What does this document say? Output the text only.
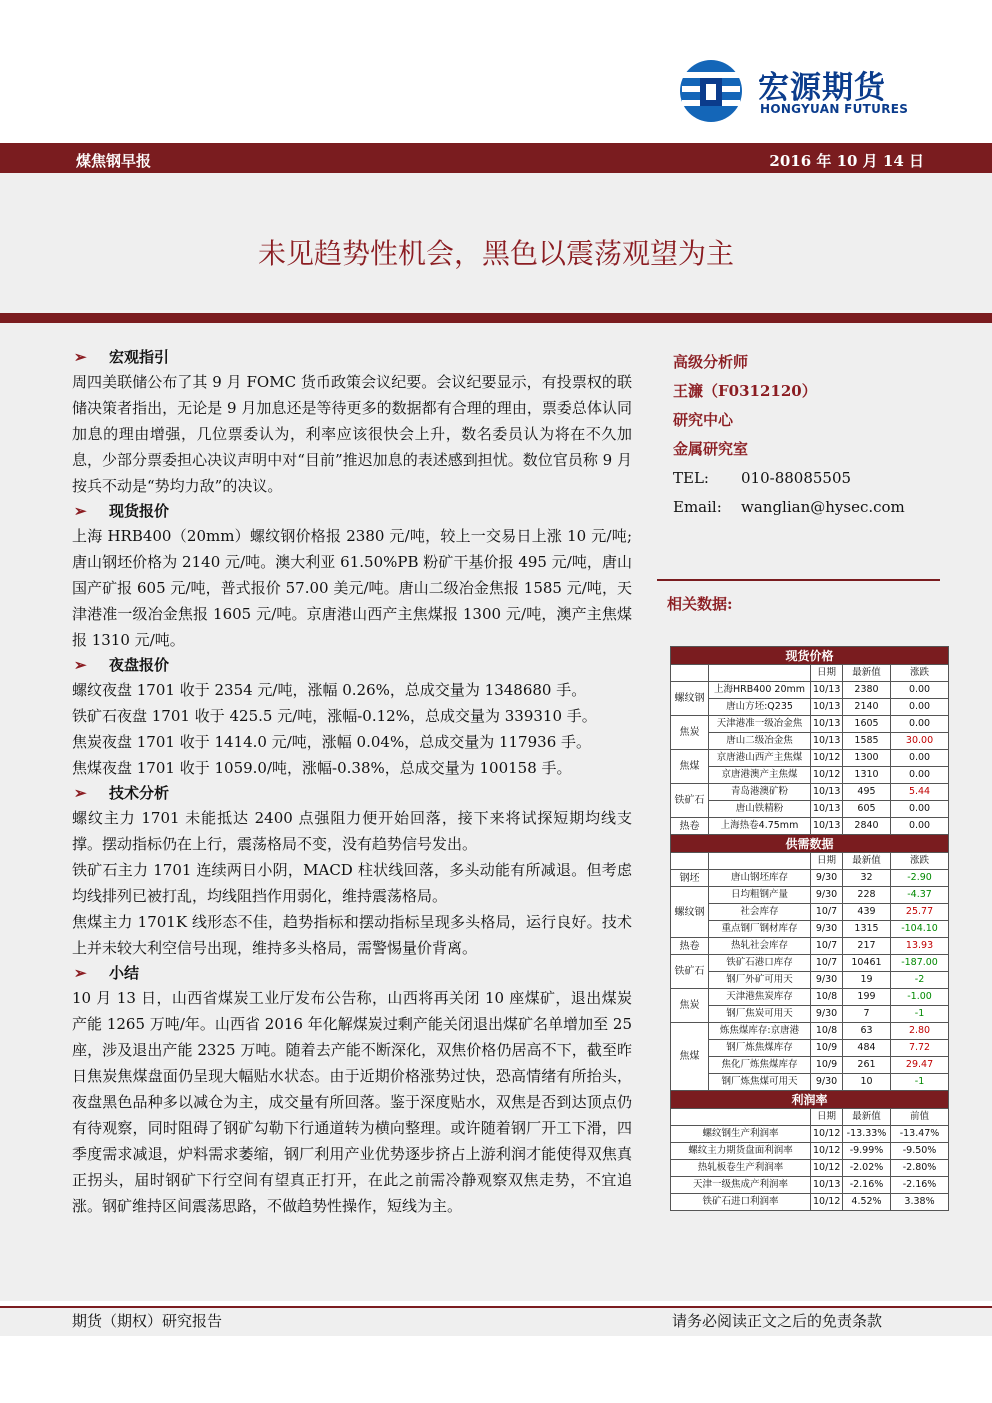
宏源期货
HONGYUAN FUTURES
煤焦钢早报	2016 年 10 月 14 日
未见趋势性机会，黑色以震荡观望为主
➢ 宏观指引

周四美联储公布了其 9 月 FOMC 货币政策会议纪要。会议纪要显示，有投票权的联储决策者指出，无论是 9 月加息还是等待更多的数据都有合理的理由，票委总体认同加息的理由增强，几位票委认为，利率应该很快会上升，数名委员认为将在不久加息，少部分票委担心决议声明中对“目前”推迟加息的表述感到担忧。数位官员称 9 月按兵不动是“势均力敌”的决议。

➢ 现货报价

上海 HRB400（20mm）螺纹钢价格报 2380 元/吨，较上一交易日上涨 10 元/吨; 唐山钢坯价格为 2140 元/吨。澳大利亚 61.50%PB 粉矿干基价报 495 元/吨，唐山国产矿报 605 元/吨，普式报价 57.00 美元/吨。唐山二级冶金焦报 1585 元/吨，天津港准一级冶金焦报 1605 元/吨。京唐港山西产主焦煤报 1300 元/吨，澳产主焦煤报 1310 元/吨。

➢ 夜盘报价

螺纹夜盘 1701 收于 2354 元/吨，涨幅 0.26%，总成交量为 1348680 手。

铁矿石夜盘 1701 收于 425.5 元/吨，涨幅-0.12%，总成交量为 339310 手。

焦炭夜盘 1701 收于 1414.0 元/吨，涨幅 0.04%，总成交量为 117936 手。

焦煤夜盘 1701 收于 1059.0/吨，涨幅-0.38%，总成交量为 100158 手。

➢ 技术分析

螺纹主力 1701 未能抵达 2400 点强阻力便开始回落，接下来将试探短期均线支撑。摆动指标仍在上行，震荡格局不变，没有趋势信号发出。

铁矿石主力 1701 连续两日小阴，MACD 柱状线回落，多头动能有所减退。但考虑均线排列已被打乱，均线阻挡作用弱化，维持震荡格局。

焦煤主力 1701K 线形态不佳，趋势指标和摆动指标呈现多头格局，运行良好。技术上并未较大利空信号出现，维持多头格局，需警惕量价背离。

➢ 小结

10 月 13 日，山西省煤炭工业厅发布公告称，山西将再关闭 10 座煤矿，退出煤炭产能 1265 万吨/年。山西省 2016 年化解煤炭过剩产能关闭退出煤矿名单增加至 25 座，涉及退出产能 2325 万吨。随着去产能不断深化，双焦价格仍居高不下，截至昨日焦炭焦煤盘面仍呈现大幅贴水状态。由于近期价格涨势过快，恐高情绪有所抬头，夜盘黑色品种多以减仓为主，成交量有所回落。鉴于深度贴水，双焦是否到达顶点仍有待观察，同时阻碍了钢矿勾勒下行通道转为横向整理。或许随着钢厂开工下滑，四季度需求减退，炉料需求萎缩，钢厂利用产业优势逐步挤占上游利润才能使得双焦真正拐头，届时钢矿下行空间有望真正打开，在此之前需冷静观察双焦走势，不宜追涨。钢矿维持区间震荡思路，不做趋势性操作，短线为主。

高级分析师
王濂（F0312120）
研究中心
金属研究室
TEL: 010-88085505
Email: wanglian@hysec.com
相关数据:
现货价格				
		日期	最新值	涨跌
螺纹钢	上海HRB400 20mm	10/13	2380	0.00
	唐山方坯:Q235	10/13	2140	0.00
焦炭	天津港准一级冶金焦	10/13	1605	0.00
	唐山二级冶金焦	10/13	1585	30.00
焦煤	京唐港山西产主焦煤	10/12	1300	0.00
	京唐港澳产主焦煤	10/12	1310	0.00
铁矿石	青岛港澳矿粉	10/13	495	5.44
	唐山铁精粉	10/13	605	0.00
热卷	上海热卷4.75mm	10/13	2840	0.00
供需数据				
		日期	最新值	涨跌
钢坯	唐山钢坯库存	9/30	32	-2.90
螺纹钢	日均粗钢产量	9/30	228	-4.37
	社会库存	10/7	439	25.77
	重点钢厂钢材库存	9/30	1315	-104.10
热卷	热轧社会库存	10/7	217	13.93
铁矿石	铁矿石港口库存	10/7	10461	-187.00
	钢厂外矿可用天	9/30	19	-2
焦炭	天津港焦炭库存	10/8	199	-1.00
	钢厂焦炭可用天	9/30	7	-1
焦煤	炼焦煤库存:京唐港	10/8	63	2.80
	钢厂炼焦煤库存	10/9	484	7.72
	焦化厂炼焦煤库存	10/9	261	29.47
	钢厂炼焦煤可用天	9/30	10	-1
利润率				
		日期	最新值	前值
螺纹钢生产利润率		10/12	-13.33%	-13.47%
螺纹主力期货盘面利润率		10/12	-9.99%	-9.50%
热轧板卷生产利润率		10/12	-2.02%	-2.80%
天津一级焦成产利润率		10/13	-2.16%	-2.16%
铁矿石进口利润率		10/12	4.52%	3.38%
期货（期权）研究报告	请务必阅读正文之后的免责条款
